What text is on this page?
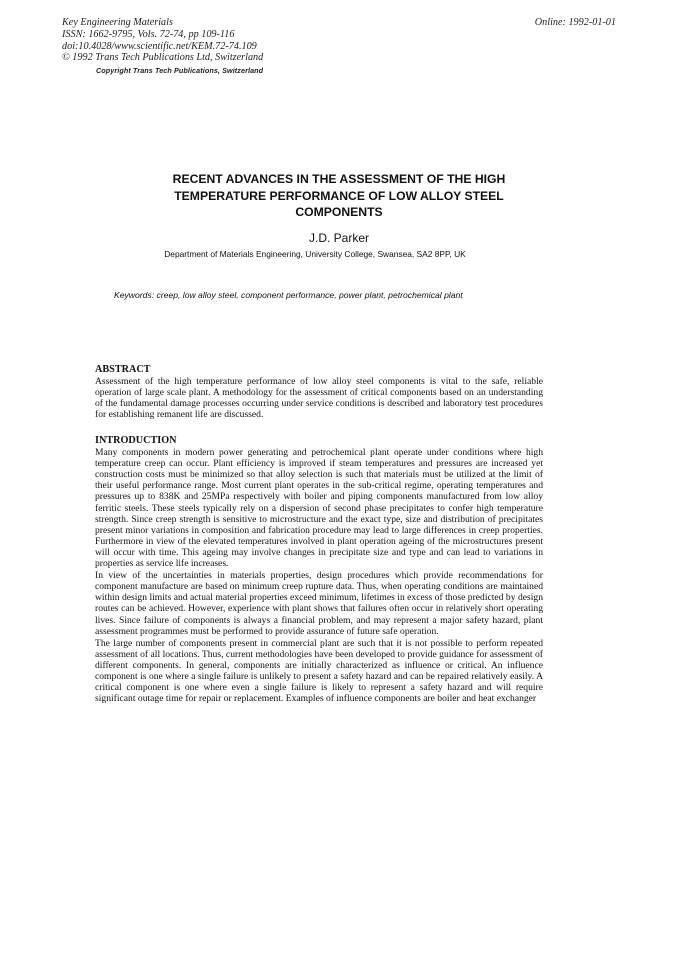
Key Engineering Materials
ISSN: 1662-9795, Vols. 72-74, pp 109-116
doi:10.4028/www.scientific.net/KEM.72-74.109
© 1992 Trans Tech Publications Ltd, Switzerland
Copyright Trans Tech Publications, Switzerland
Online: 1992-01-01
RECENT ADVANCES IN THE ASSESSMENT OF THE HIGH
TEMPERATURE PERFORMANCE OF LOW ALLOY STEEL
COMPONENTS
J.D. Parker
Department of Materials Engineering, University College, Swansea, SA2 8PP, UK
Keywords: creep, low alloy steel, component performance, power plant, petrochemical plant
ABSTRACT

Assessment of the high temperature performance of low alloy steel components is vital to the safe, reliable operation of large scale plant. A methodology for the assessment of critical components based on an understanding of the fundamental damage processes occurring under service conditions is described and laboratory test procedures for establishing remanent life are discussed.

INTRODUCTION

Many components in modern power generating and petrochemical plant operate under conditions where high temperature creep can occur. Plant efficiency is improved if steam temperatures and pressures are increased yet construction costs must be minimized so that alloy selection is such that materials must be utilized at the limit of their useful performance range. Most current plant operates in the sub-critical regime, operating temperatures and pressures up to 838K and 25MPa respectively with boiler and piping components manufactured from low alloy ferritic steels. These steels typically rely on a dispersion of second phase precipitates to confer high temperature strength. Since creep strength is sensitive to microstructure and the exact type, size and distribution of precipitates present minor variations in composition and fabrication procedure may lead to large differences in creep properties. Furthermore in view of the elevated temperatures involved in plant operation ageing of the microstructures present will occur with time. This ageing may involve changes in precipitate size and type and can lead to variations in properties as service life increases.

In view of the uncertainties in materials properties, design procedures which provide recommendations for component manufacture are based on minimum creep rupture data. Thus, when operating conditions are maintained within design limits and actual material properties exceed minimum, lifetimes in excess of those predicted by design routes can be achieved. However, experience with plant shows that failures often occur in relatively short operating lives. Since failure of components is always a financial problem, and may represent a major safety hazard, plant assessment programmes must be performed to provide assurance of future safe operation.

The large number of components present in commercial plant are such that it is not possible to perform repeated assessment of all locations. Thus, current methodologies have been developed to provide guidance for assessment of different components. In general, components are initially characterized as influence or critical. An influence component is one where a single failure is unlikely to present a safety hazard and can be repaired relatively easily. A critical component is one where even a single failure is likely to represent a safety hazard and will require significant outage time for repair or replacement. Examples of influence components are boiler and heat exchanger
